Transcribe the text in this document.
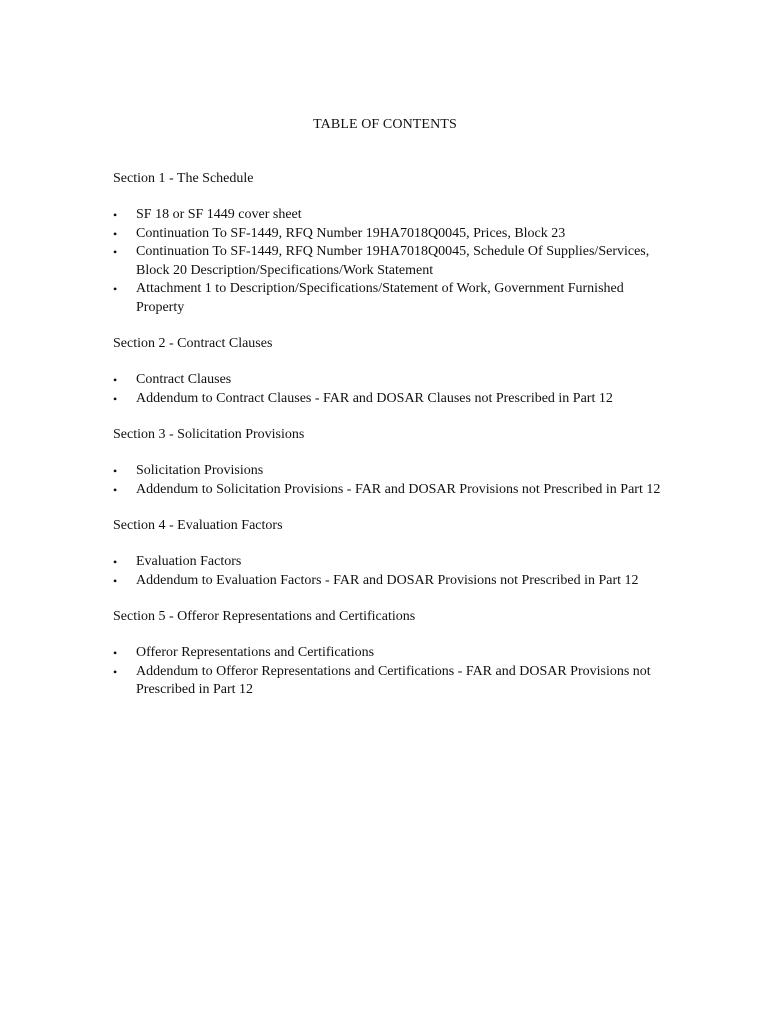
TABLE OF CONTENTS
Section 1 - The Schedule
• SF 18 or SF 1449 cover sheet
• Continuation To SF-1449, RFQ Number 19HA7018Q0045, Prices, Block 23
• Continuation To SF-1449, RFQ Number 19HA7018Q0045, Schedule Of Supplies/Services, Block 20 Description/Specifications/Work Statement
• Attachment 1 to Description/Specifications/Statement of Work, Government Furnished Property
Section 2 - Contract Clauses
• Contract Clauses
• Addendum to Contract Clauses - FAR and DOSAR Clauses not Prescribed in Part 12
Section 3 - Solicitation Provisions
• Solicitation Provisions
• Addendum to Solicitation Provisions - FAR and DOSAR Provisions not Prescribed in Part 12
Section 4 - Evaluation Factors
• Evaluation Factors
• Addendum to Evaluation Factors - FAR and DOSAR Provisions not Prescribed in Part 12
Section 5 - Offeror Representations and Certifications
• Offeror Representations and Certifications
• Addendum to Offeror Representations and Certifications - FAR and DOSAR Provisions not Prescribed in Part 12
